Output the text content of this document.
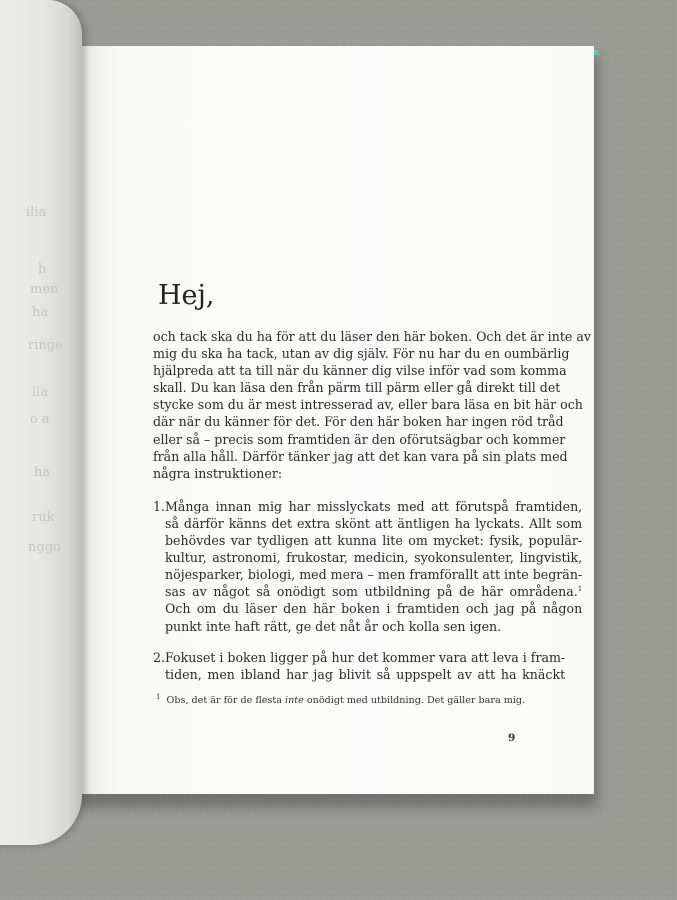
ilia
h
men
ha
ringe
lla
o a
ha
ruk
nggo
Hej,
och tack ska du ha för att du läser den här boken. Och det är inte av
mig du ska ha tack, utan av dig själv. För nu har du en oumbärlig
hjälpreda att ta till när du känner dig vilse inför vad som komma
skall. Du kan läsa den från pärm till pärm eller gå direkt till det
stycke som du är mest intresserad av, eller bara läsa en bit här och
där när du känner för det. För den här boken har ingen röd tråd
eller så – precis som framtiden är den oförutsägbar och kommer
från alla håll. Därför tänker jag att det kan vara på sin plats med
några instruktioner:
1. Många innan mig har misslyckats med att förutspå framtiden,
så därför känns det extra skönt att äntligen ha lyckats. Allt som
behövdes var tydligen att kunna lite om mycket: fysik, populär-
kultur, astronomi, frukostar, medicin, syokonsulenter, lingvistik,
nöjesparker, biologi, med mera – men framförallt att inte begrän-
sas av något så onödigt som utbildning på de här områdena.$^1$
Och om du läser den här boken i framtiden och jag på någon
punkt inte haft rätt, ge det nåt år och kolla sen igen.
2. Fokuset i boken ligger på hur det kommer vara att leva i fram-
tiden, men ibland har jag blivit så uppspelt av att ha knäckt
$^1$ Obs, det är för de flesta inte onödigt med utbildning. Det gäller bara mig.
9
